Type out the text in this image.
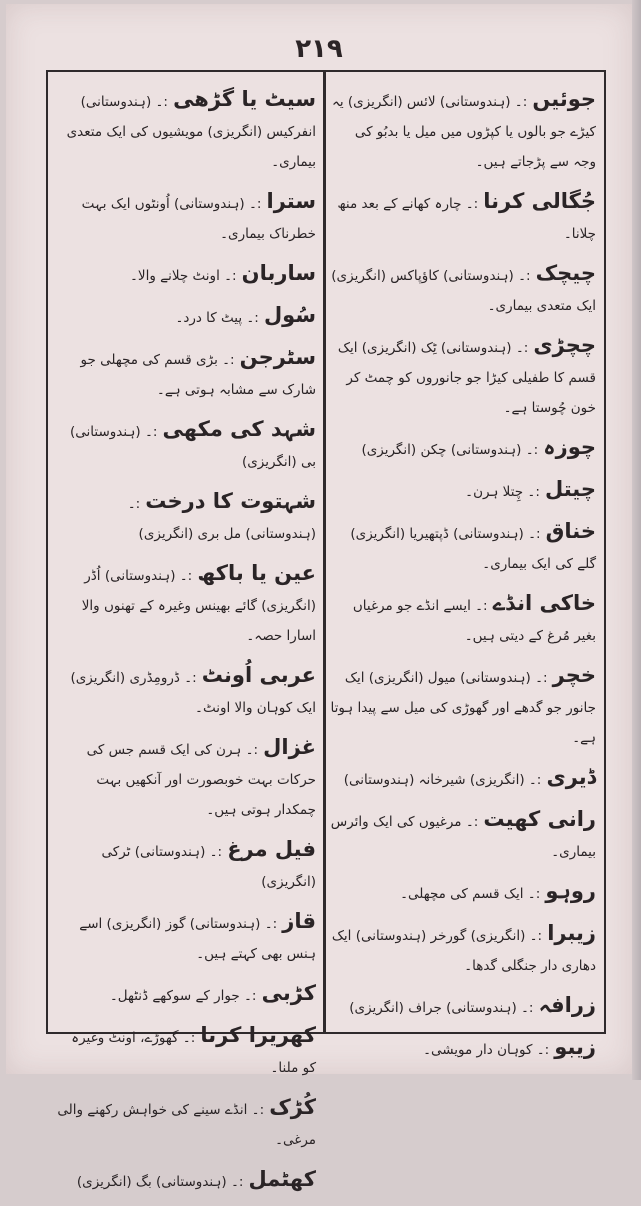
۲۱۹
جوئیں :۔ (ہندوستانی) لائس (انگریزی) یہ کیڑے جو بالوں یا کپڑوں میں میل یا بدبُو کی وجہ سے پڑجاتے ہیں۔
جُگالی کرنا :۔ چارہ کھانے کے بعد منھ چلانا۔
چیچک :۔ (ہندوستانی) کاؤپاکس (انگریزی) ایک متعدی بیماری۔
چچڑی :۔ (ہندوستانی) ٹِک (انگریزی) ایک قسم کا طفیلی کیڑا جو جانوروں کو چمٹ کر خون چُوستا ہے۔
چوزہ :۔ (ہندوستانی) چکن (انگریزی)
چیتل :۔ چِتلا ہرن۔
خناق :۔ (ہندوستانی) ڈپتھیریا (انگریزی) گلے کی ایک بیماری۔
خاکی انڈے :۔ ایسے انڈے جو مرغیاں بغیر مُرغ کے دیتی ہیں۔
خچر :۔ (ہندوستانی) میول (انگریزی) ایک جانور جو گدھے اور گھوڑی کی میل سے پیدا ہوتا ہے۔
ڈیری :۔ (انگریزی) شیرخانہ (ہندوستانی)
رانی کھیت :۔ مرغیوں کی ایک وائرس بیماری۔
روہو :۔ ایک قسم کی مچھلی۔
زیبرا :۔ (انگریزی) گورخر (ہندوستانی) ایک دھاری دار جنگلی گدھا۔
زرافہ :۔ (ہندوستانی) جراف (انگریزی)
زیبو :۔ کوہان دار مویشی۔
سیٹ یا گڑھی :۔ (ہندوستانی) انفرکیس (انگریزی) مویشیوں کی ایک متعدی بیماری۔
سترا :۔ (ہندوستانی) اُونٹوں ایک بہت خطرناک بیماری۔
ساربان :۔ اونٹ چلانے والا۔
سُول :۔ پیٹ کا درد۔
سٹرجن :۔ بڑی قسم کی مچھلی جو شارک سے مشابہ ہوتی ہے۔
شہد کی مکھی :۔ (ہندوستانی) بی (انگریزی)
شہتوت کا درخت :۔ (ہندوستانی) مل بری (انگریزی)
عین یا باکھ :۔ (ہندوستانی) اُڈر (انگریزی) گائے بھینس وغیرہ کے تھنوں والا اسارا حصہ۔
عربی اُونٹ :۔ ڈرومِڈری (انگریزی) ایک کوہان والا اونٹ۔
غزال :۔ ہرن کی ایک قسم جس کی حرکات بہت خوبصورت اور آنکھیں بہت چمکدار ہوتی ہیں۔
فیل مرغ :۔ (ہندوستانی) ٹرکی (انگریزی)
قاز :۔ (ہندوستانی) گوز (انگریزی) اسے ہنس بھی کہتے ہیں۔
کڑبی :۔ جوار کے سوکھے ڈنٹھل۔
کھریرا کرنا :۔ گھوڑے، اونٹ وغیرہ کو ملنا۔
کُڑک :۔ انڈے سینے کی خواہش رکھنے والی مرغی۔
کھٹمل :۔ (ہندوستانی) بگ (انگریزی)
